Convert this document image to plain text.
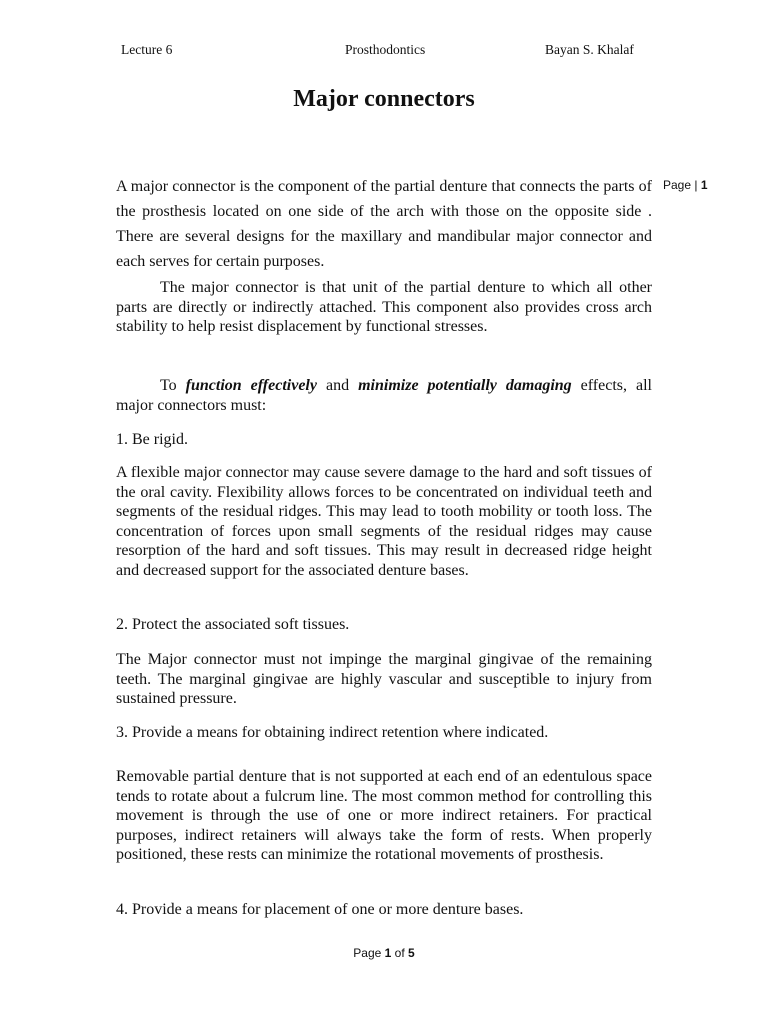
Lecture 6	Prosthodontics	Bayan S. Khalaf
Major connectors
Page | 1

A major connector is the component of the partial denture that connects the parts of the prosthesis located on one side of the arch with those on the opposite side . There are several designs for the maxillary and mandibular major connector and each serves for certain purposes.

The major connector is that unit of the partial denture to which all other parts are directly or indirectly attached. This component also provides cross arch stability to help resist displacement by functional stresses.

To function effectively and minimize potentially damaging effects, all major connectors must:

1. Be rigid.

A flexible major connector may cause severe damage to the hard and soft tissues of the oral cavity. Flexibility allows forces to be concentrated on individual teeth and segments of the residual ridges. This may lead to tooth mobility or tooth loss. The concentration of forces upon small segments of the residual ridges may cause resorption of the hard and soft tissues. This may result in decreased ridge height and decreased support for the associated denture bases.

2. Protect the associated soft tissues.

The Major connector must not impinge the marginal gingivae of the remaining teeth. The marginal gingivae are highly vascular and susceptible to injury from sustained pressure.

3. Provide a means for obtaining indirect retention where indicated.

Removable partial denture that is not supported at each end of an edentulous space tends to rotate about a fulcrum line. The most common method for controlling this movement is through the use of one or more indirect retainers. For practical purposes, indirect retainers will always take the form of rests. When properly positioned, these rests can minimize the rotational movements of prosthesis.

4. Provide a means for placement of one or more denture bases.

Page 1 of 5
